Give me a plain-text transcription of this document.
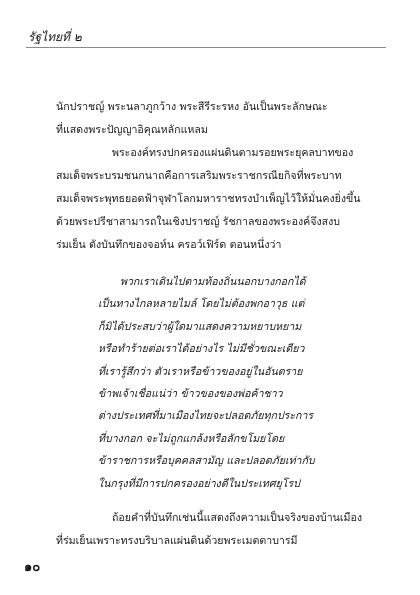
รัฐไทยที่ ๒

นักปราชญ์ พระนลาภูกว้าง พระสีรีระรหง อันเป็นพระลักษณะ
ที่แสดงพระปัญญาอิคุณหลักแหลม

พระองค์ทรงปกครองแผ่นดินตามรอยพระยุคลบาทของ
สมเด็จพระบรมชนกนาถคือการเสริมพระราชกรณียกิจที่พระบาท
สมเด็จพระพุทธยอดฟ้าจุฬาโลกมหาราชทรงบำเพ็ญไว้ให้มั่นคงยิ่งขึ้น
ด้วยพระปรีชาสามารถในเชิงปราชญ์ รัชกาลของพระองค์จึงสงบ
ร่มเย็น ดังบันทึกของจอห์น ครอว์เฟิร์ด ตอนหนึ่งว่า

พวกเราเดินไปตามท้องถิ่นนอกบางกอกได้
เป็นทางไกลหลายไมล์ โดยไม่ต้องพกอาวุธ แต่
ก็มิได้ประสบว่าผู้ใดมาแสดงความหยาบหยาม
หรือทำร้ายต่อเราได้อย่างไร ไม่มีชั่วขณะเดียว
ที่เรารู้สึกว่า ตัวเราหรือข้าวของอยู่ในอันตราย
ข้าพเจ้าเชื่อแน่ว่า ข้าวของของพ่อค้าชาว
ต่างประเทศที่มาเมืองไทยจะปลอดภัยทุกประการ
ที่บางกอก จะไม่ถูกแกล้งหรือลักขโมยโดย
ข้าราชการหรือบุคคลสามัญ และปลอดภัยเท่ากับ
ในกรุงที่มีการปกครองอย่างดีในประเทศยุโรป

ถ้อยคำที่บันทึกเช่นนี้แสดงถึงความเป็นจริงของบ้านเมือง
ที่ร่มเย็นเพราะทรงบริบาลแผ่นดินด้วยพระเมตตาบารมี

๑๐
